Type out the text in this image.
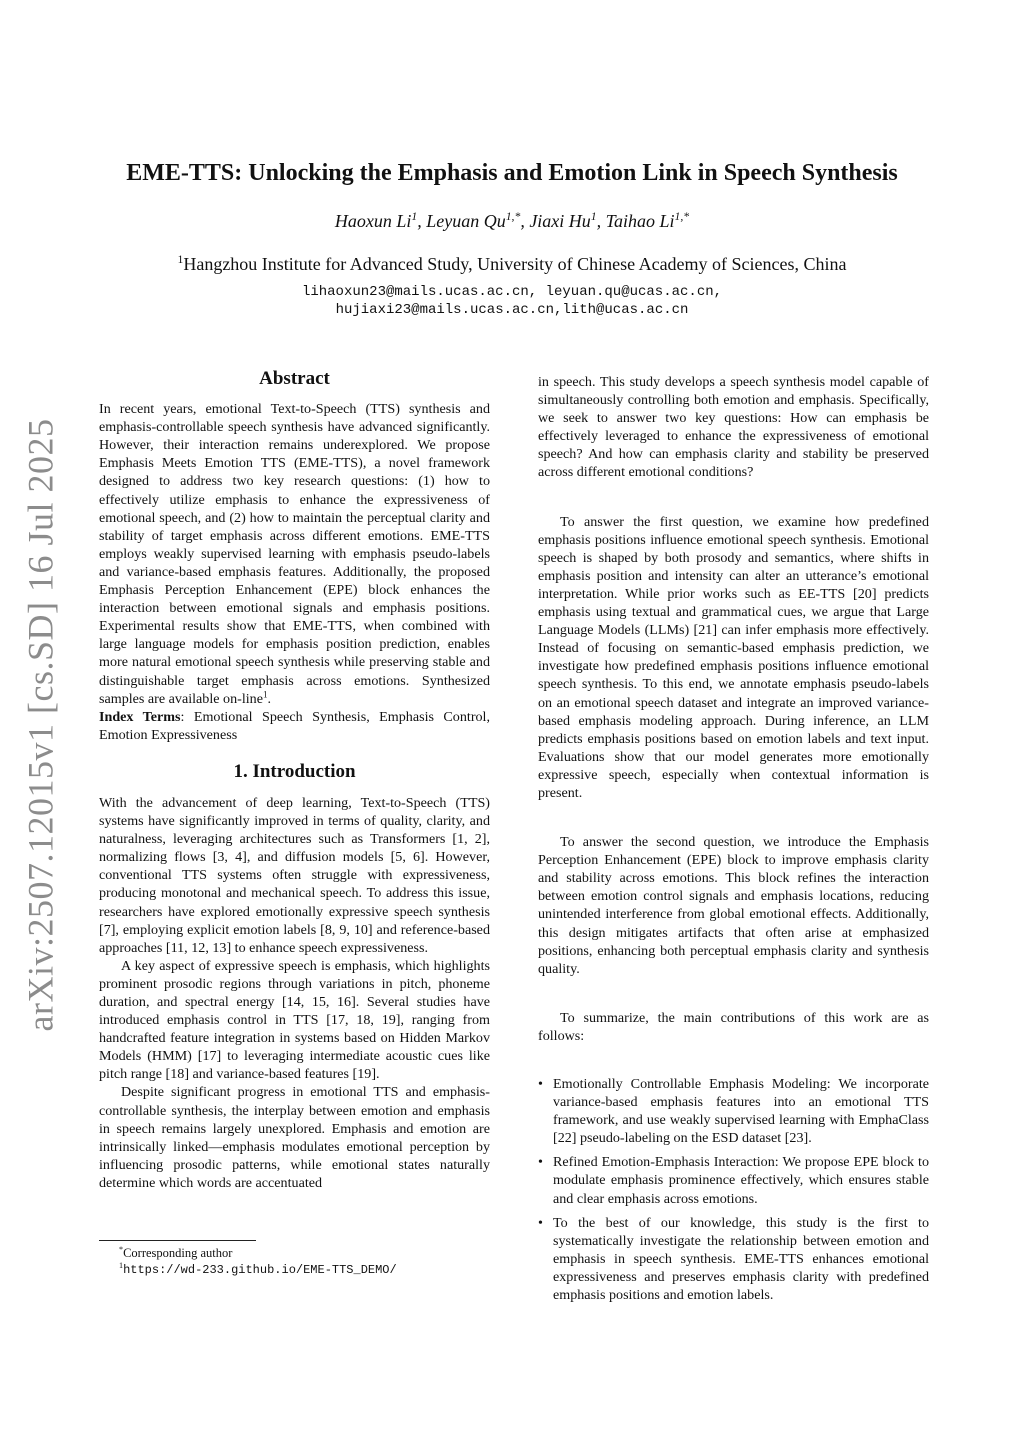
arXiv:2507.12015v1 [cs.SD] 16 Jul 2025
EME-TTS: Unlocking the Emphasis and Emotion Link in Speech Synthesis
Haoxun Li$^1$, Leyuan $Qu^{1,*}$, Jiaxi Hu$^1$, Taihao $Li^{1,*}$
$^1$Hangzhou Institute for Advanced Study, University of Chinese Academy of Sciences, China
lihaoxun23@mails.ucas.ac.cn, leyuan.qu@ucas.ac.cn,
hujiaxi23@mails.ucas.ac.cn,lith@ucas.ac.cn
Abstract

In recent years, emotional Text-to-Speech (TTS) synthesis and emphasis-controllable speech synthesis have advanced significantly. However, their interaction remains underexplored. We propose Emphasis Meets Emotion TTS (EME-TTS), a novel framework designed to address two key research questions: (1) how to effectively utilize emphasis to enhance the expressiveness of emotional speech, and (2) how to maintain the perceptual clarity and stability of target emphasis across different emotions. EME-TTS employs weakly supervised learning with emphasis pseudo-labels and variance-based emphasis features. Additionally, the proposed Emphasis Perception Enhancement (EPE) block enhances the interaction between emotional signals and emphasis positions. Experimental results show that EME-TTS, when combined with large language models for emphasis position prediction, enables more natural emotional speech synthesis while preserving stable and distinguishable target emphasis across emotions. Synthesized samples are available on-line$^1$.
Index Terms: Emotional Speech Synthesis, Emphasis Control, Emotion Expressiveness

1. Introduction

With the advancement of deep learning, Text-to-Speech (TTS) systems have significantly improved in terms of quality, clarity, and naturalness, leveraging architectures such as Transformers [1, 2], normalizing flows [3, 4], and diffusion models [5, 6]. However, conventional TTS systems often struggle with expressiveness, producing monotonal and mechanical speech. To address this issue, researchers have explored emotionally expressive speech synthesis [7], employing explicit emotion labels [8, 9, 10] and reference-based approaches [11, 12, 13] to enhance speech expressiveness.

A key aspect of expressive speech is emphasis, which highlights prominent prosodic regions through variations in pitch, phoneme duration, and spectral energy [14, 15, 16]. Several studies have introduced emphasis control in TTS [17, 18, 19], ranging from handcrafted feature integration in systems based on Hidden Markov Models (HMM) [17] to leveraging intermediate acoustic cues like pitch range [18] and variance-based features [19].

Despite significant progress in emotional TTS and emphasis-controllable synthesis, the interplay between emotion and emphasis in speech remains largely unexplored. Emphasis and emotion are intrinsically linked—emphasis modulates emotional perception by influencing prosodic patterns, while emotional states naturally determine which words are accentuated

in speech. This study develops a speech synthesis model capable of simultaneously controlling both emotion and emphasis. Specifically, we seek to answer two key questions: How can emphasis be effectively leveraged to enhance the expressiveness of emotional speech? And how can emphasis clarity and stability be preserved across different emotional conditions?

To answer the first question, we examine how predefined emphasis positions influence emotional speech synthesis. Emotional speech is shaped by both prosody and semantics, where shifts in emphasis position and intensity can alter an utterance’s emotional interpretation. While prior works such as EE-TTS [20] predicts emphasis using textual and grammatical cues, we argue that Large Language Models (LLMs) [21] can infer emphasis more effectively. Instead of focusing on semantic-based emphasis prediction, we investigate how predefined emphasis positions influence emotional speech synthesis. To this end, we annotate emphasis pseudo-labels on an emotional speech dataset and integrate an improved variance-based emphasis modeling approach. During inference, an LLM predicts emphasis positions based on emotion labels and text input. Evaluations show that our model generates more emotionally expressive speech, especially when contextual information is present.

To answer the second question, we introduce the Emphasis Perception Enhancement (EPE) block to improve emphasis clarity and stability across emotions. This block refines the interaction between emotion control signals and emphasis locations, reducing unintended interference from global emotional effects. Additionally, this design mitigates artifacts that often arise at emphasized positions, enhancing both perceptual emphasis clarity and synthesis quality.

To summarize, the main contributions of this work are as follows:

• Emotionally Controllable Emphasis Modeling: We incorporate variance-based emphasis features into an emotional TTS framework, and use weakly supervised learning with EmphaClass [22] pseudo-labeling on the ESD dataset [23].
• Refined Emotion-Emphasis Interaction: We propose EPE block to modulate emphasis prominence effectively, which ensures stable and clear emphasis across emotions.
• To the best of our knowledge, this study is the first to systematically investigate the relationship between emotion and emphasis in speech synthesis. EME-TTS enhances emotional expressiveness and preserves emphasis clarity with predefined emphasis positions and emotion labels.
*Corresponding author
$^1$https://wd-233.github.io/EME-TTS_DEMO/
